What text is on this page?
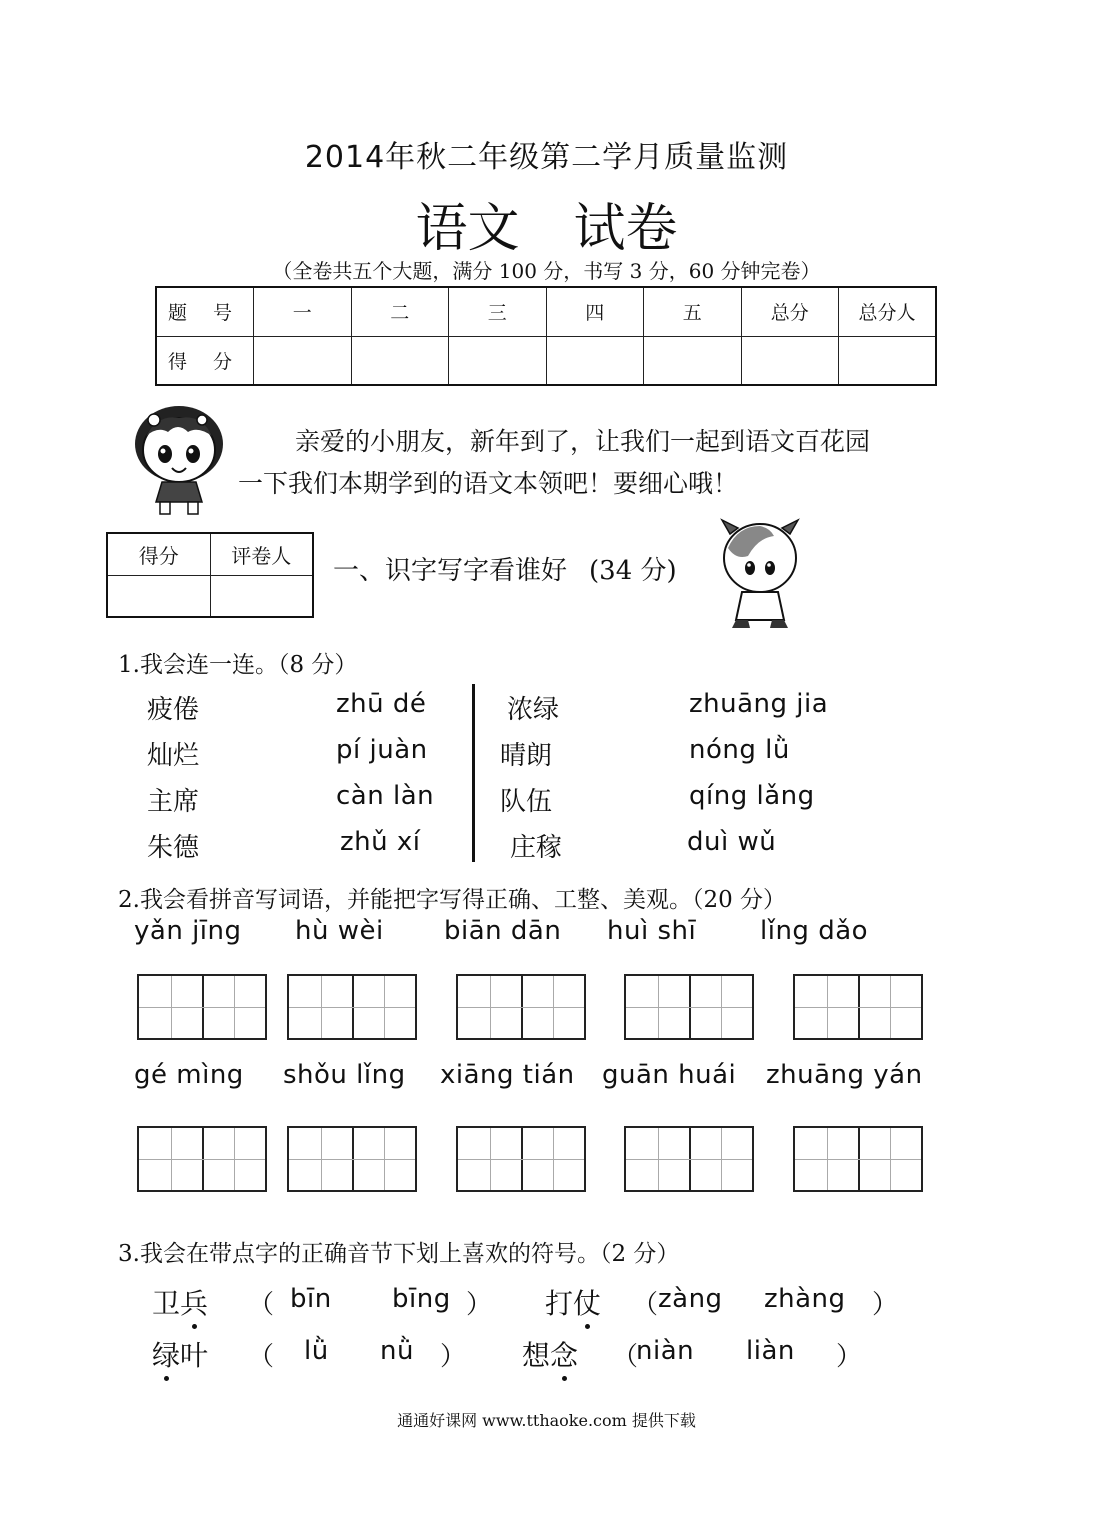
2014年秋二年级第二学月质量监测
语文 试卷
（全卷共五个大题，满分 100 分，书写 3 分，60 分钟完卷）
题 号	一	二	三	四	五	总分	总分人
得 分							
亲爱的小朋友，新年到了，让我们一起到语文百花园
一下我们本期学到的语文本领吧！要细心哦！
得分	评卷人

一、识字写字看谁好 (34 分)
1.我会连一连。（8 分）
疲倦
灿烂
主席
朱德
zhū dé
pí juàn
càn làn
zhǔ xí
浓绿
晴朗
队伍
庄稼
zhuāng jia
nóng lǜ
qíng lǎng
duì wǔ
2.我会看拼音写词语，并能把字写得正确、工整、美观。（20 分）
yǎn jīng hù wèi biān dān huì shī lǐng dǎo
gé mìng shǒu lǐng xiāng tián guān huái zhuāng yán
3.我会在带点字的正确音节下划上喜欢的符号。（2 分）
卫兵 （ bīn bīng ） 打仗 （ zàng zhàng ）
绿叶 （ lǜ nǜ ） 想念 （
niàn liàn ）
通通好课网 www.tthaoke.com 提供下载
